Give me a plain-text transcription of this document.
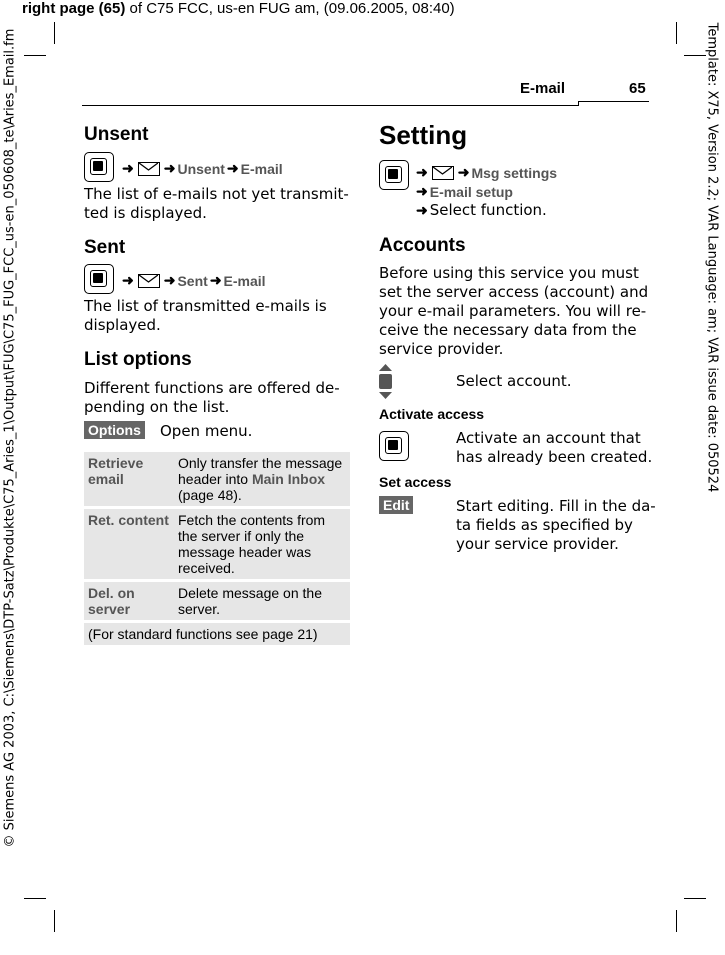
right page (65) of C75 FCC, us-en FUG am, (09.06.2005, 08:40)
© Siemens AG 2003, C:\Siemens\DTP-Satz\Produkte\C75_Aries_1\Output\FUG\C75_FUG_FCC_us-en_050608_te\Aries_Email.fm	Template: X75, Version 2.2; VAR Language: am; VAR issue date: 050524
E-mail	65
Unsent
➜ ➜ Unsent ➜ E-mail

The list of e-mails not yet transmit-
ted is displayed.

Sent
➜ ➜ Sent ➜ E-mail

The list of transmitted e-mails is
displayed.

List options

Different functions are offered de-
pending on the list.

Options Open menu.

Retrieve email	Only transfer the message header into Main Inbox (page 48).
Ret. content	Fetch the contents from the server if only the message header was received.
Del. on server	Delete message on the server.
(For standard functions see page 21)	
Setting
➜ ➜ Msg settings
➜ E-mail setup
➜ Select function.
Accounts

Before using this service you must
set the server access (account) and
your e-mail parameters. You will re-
ceive the necessary data from the
service provider.

Select account.

Activate access

Activate an account that
has already been created.

Set access
Edit	Start editing. Fill in the da-
ta fields as specified by
your service provider.
